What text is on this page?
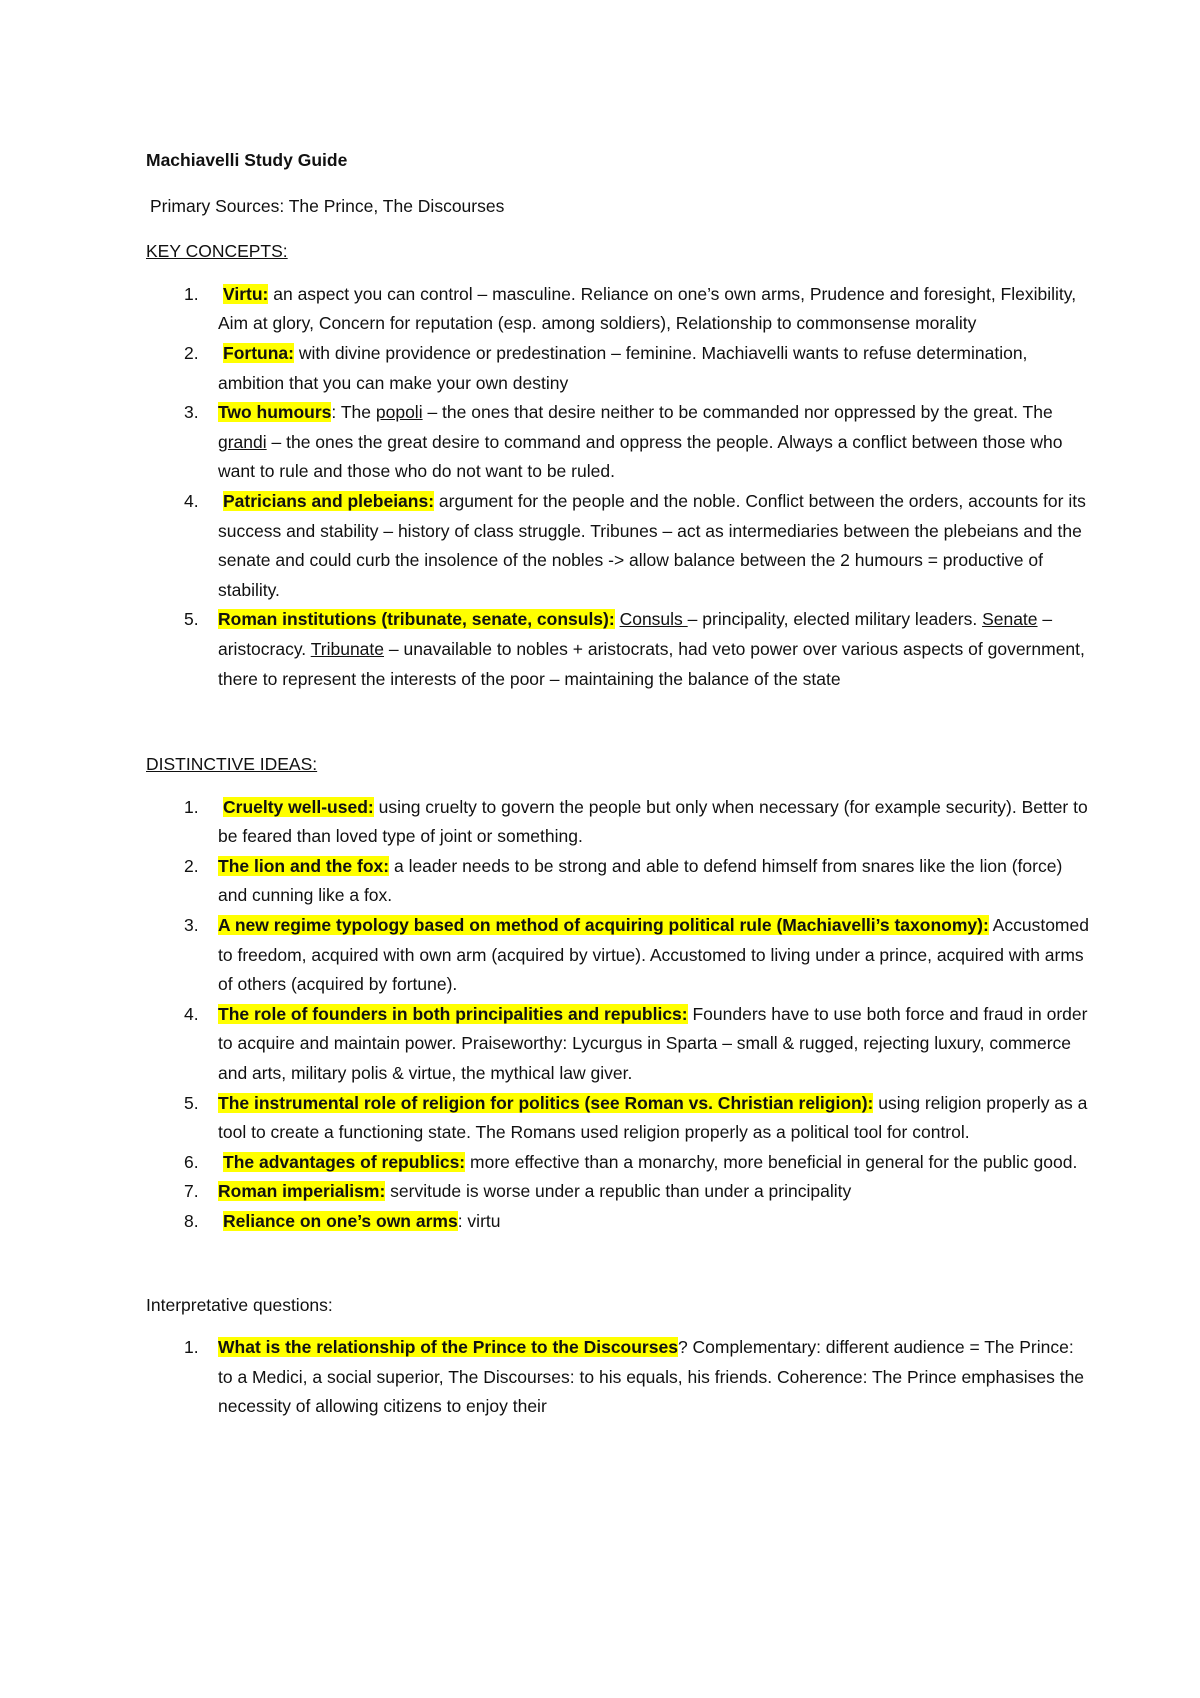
Machiavelli Study Guide
Primary Sources: The Prince, The Discourses
KEY CONCEPTS:
1. Virtu: an aspect you can control – masculine. Reliance on one’s own arms, Prudence and foresight, Flexibility, Aim at glory, Concern for reputation (esp. among soldiers), Relationship to commonsense morality
2. Fortuna: with divine providence or predestination – feminine. Machiavelli wants to refuse determination, ambition that you can make your own destiny
3. Two humours: The popoli – the ones that desire neither to be commanded nor oppressed by the great. The grandi – the ones the great desire to command and oppress the people. Always a conflict between those who want to rule and those who do not want to be ruled.
4. Patricians and plebeians: argument for the people and the noble. Conflict between the orders, accounts for its success and stability – history of class struggle. Tribunes – act as intermediaries between the plebeians and the senate and could curb the insolence of the nobles -> allow balance between the 2 humours = productive of stability.
5. Roman institutions (tribunate, senate, consuls): Consuls – principality, elected military leaders. Senate – aristocracy. Tribunate – unavailable to nobles + aristocrats, had veto power over various aspects of government, there to represent the interests of the poor – maintaining the balance of the state
DISTINCTIVE IDEAS:
1. Cruelty well-used: using cruelty to govern the people but only when necessary (for example security). Better to be feared than loved type of joint or something.
2. The lion and the fox: a leader needs to be strong and able to defend himself from snares like the lion (force) and cunning like a fox.
3. A new regime typology based on method of acquiring political rule (Machiavelli’s taxonomy): Accustomed to freedom, acquired with own arm (acquired by virtue). Accustomed to living under a prince, acquired with arms of others (acquired by fortune).
4. The role of founders in both principalities and republics: Founders have to use both force and fraud in order to acquire and maintain power. Praiseworthy: Lycurgus in Sparta – small & rugged, rejecting luxury, commerce and arts, military polis & virtue, the mythical law giver.
5. The instrumental role of religion for politics (see Roman vs. Christian religion): using religion properly as a tool to create a functioning state. The Romans used religion properly as a political tool for control.
6. The advantages of republics: more effective than a monarchy, more beneficial in general for the public good.
7. Roman imperialism: servitude is worse under a republic than under a principality
8. Reliance on one’s own arms: virtu
Interpretative questions:
1. What is the relationship of the Prince to the Discourses? Complementary: different audience = The Prince: to a Medici, a social superior, The Discourses: to his equals, his friends. Coherence: The Prince emphasises the necessity of allowing citizens to enjoy their
